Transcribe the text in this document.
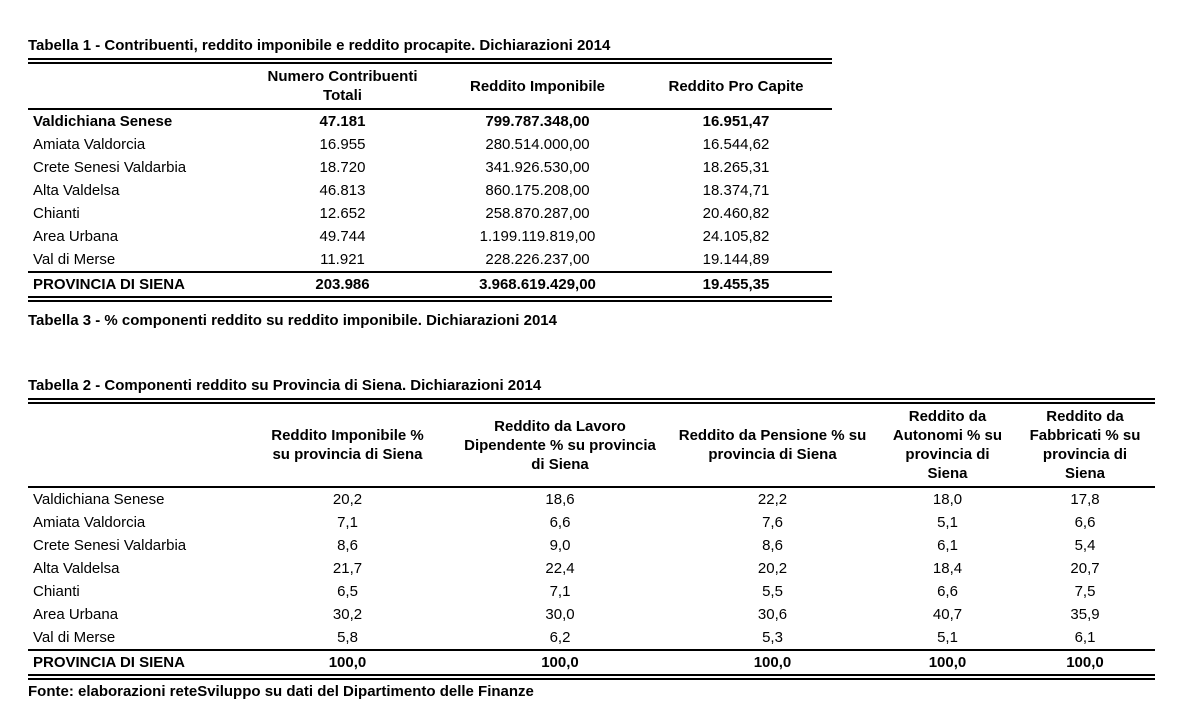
Tabella 1 - Contribuenti, reddito imponibile e reddito procapite. Dichiarazioni 2014
	Numero Contribuenti Totali	Reddito Imponibile	Reddito Pro Capite
Valdichiana Senese	47.181	799.787.348,00	16.951,47
Amiata Valdorcia	16.955	280.514.000,00	16.544,62
Crete Senesi Valdarbia	18.720	341.926.530,00	18.265,31
Alta Valdelsa	46.813	860.175.208,00	18.374,71
Chianti	12.652	258.870.287,00	20.460,82
Area Urbana	49.744	1.199.119.819,00	24.105,82
Val di Merse	11.921	228.226.237,00	19.144,89
PROVINCIA DI SIENA	203.986	3.968.619.429,00	19.455,35
Tabella 3 - % componenti reddito su reddito imponibile. Dichiarazioni 2014
Tabella 2 - Componenti reddito su Provincia di Siena. Dichiarazioni 2014
	Reddito Imponibile % su provincia di Siena	Reddito da Lavoro Dipendente % su provincia di Siena	Reddito da Pensione % su provincia di Siena	Reddito da Autonomi % su provincia di Siena	Reddito da Fabbricati % su provincia di Siena
Valdichiana Senese	20,2	18,6	22,2	18,0	17,8
Amiata Valdorcia	7,1	6,6	7,6	5,1	6,6
Crete Senesi Valdarbia	8,6	9,0	8,6	6,1	5,4
Alta Valdelsa	21,7	22,4	20,2	18,4	20,7
Chianti	6,5	7,1	5,5	6,6	7,5
Area Urbana	30,2	30,0	30,6	40,7	35,9
Val di Merse	5,8	6,2	5,3	5,1	6,1
PROVINCIA DI SIENA	100,0	100,0	100,0	100,0	100,0
Fonte: elaborazioni reteSviluppo su dati del Dipartimento delle Finanze
